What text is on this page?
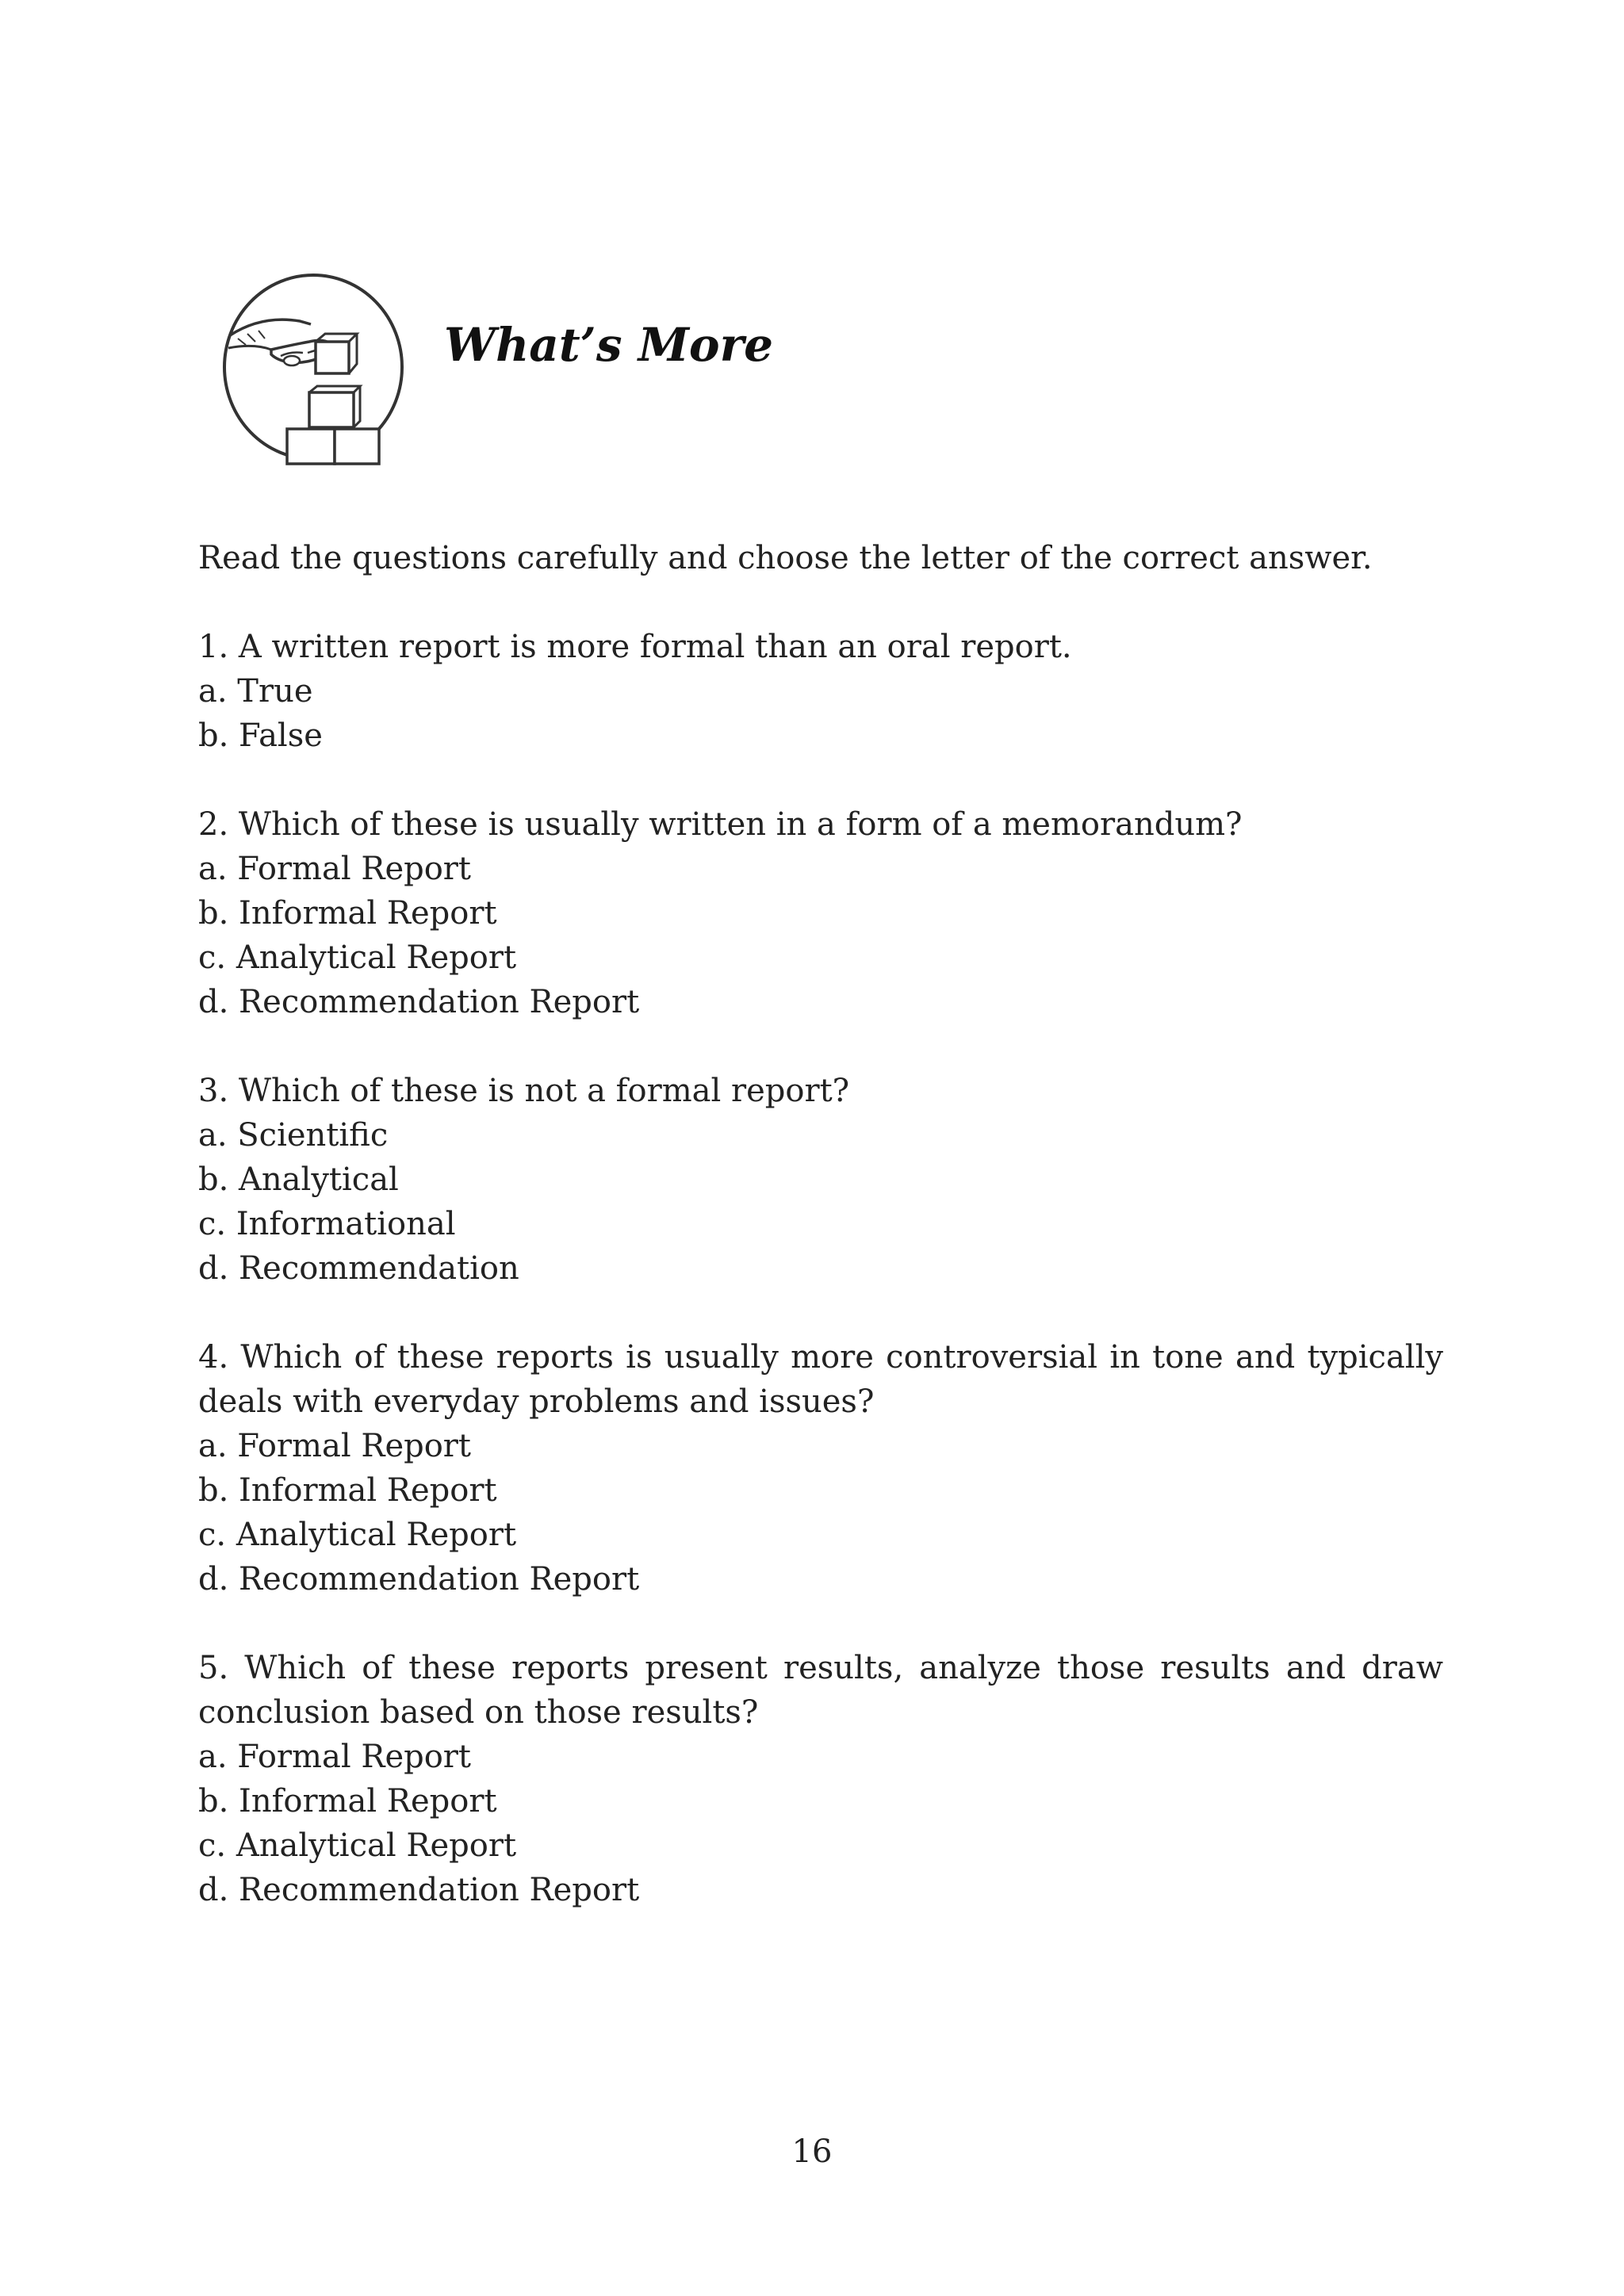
What’s More

Read the questions carefully and choose the letter of the correct answer.

1. A written report is more formal than an oral report.

a. True

b. False

2. Which of these is usually written in a form of a memorandum?

a. Formal Report

b. Informal Report

c. Analytical Report

d. Recommendation Report

3. Which of these is not a formal report?

a. Scientific

b. Analytical

c. Informational

d. Recommendation

4. Which of these reports is usually more controversial in tone and typically deals with everyday problems and issues?

a. Formal Report

b. Informal Report

c. Analytical Report

d. Recommendation Report

5. Which of these reports present results, analyze those results and draw conclusion based on those results?

a. Formal Report

b. Informal Report

c. Analytical Report

d. Recommendation Report

16
